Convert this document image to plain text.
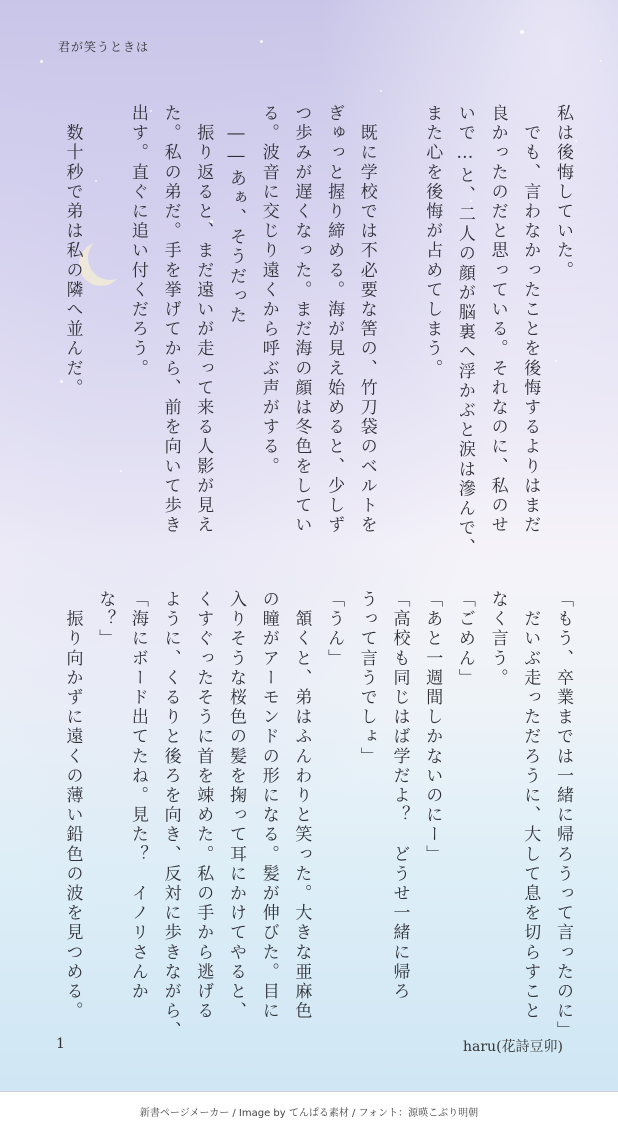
君が笑うときは
私は後悔していた。
　でも、言わなかったことを後悔するよりはまだ
良かったのだと思っている。それなのに、私のせ
いで…と、二人の顔が脳裏へ浮かぶと涙は滲んで、
また心を後悔が占めてしまう。
　既に学校では不必要な筈の、竹刀袋のベルトを
ぎゅっと握り締める。海が見え始めると、少しず
つ歩みが遅くなった。まだ海の顔は冬色をしてい
る。波音に交じり遠くから呼ぶ声がする。
　――あぁ、そうだった
　振り返ると、まだ遠いが走って来る人影が見え
た。私の弟だ。手を挙げてから、前を向いて歩き
出す。直ぐに追い付くだろう。
　数十秒で弟は私の隣へ並んだ。
「もう、卒業までは一緒に帰ろうって言ったのに」
　だいぶ走っただろうに、大して息を切らすこと
なく言う。
「ごめん」
「あと一週間しかないのにー」
「高校も同じはば学だよ？　どうせ一緒に帰ろ
うって言うでしょ」
「うん」
　頷くと、弟はふんわりと笑った。大きな亜麻色
の瞳がアーモンドの形になる。髪が伸びた。目に
入りそうな桜色の髪を掬って耳にかけてやると、
くすぐったそうに首を竦めた。私の手から逃げる
ように、くるりと後ろを向き、反対に歩きながら、
「海にボード出てたね。見た？　イノリさんか
な？」
　振り向かずに遠くの薄い鉛色の波を見つめる。
1	haru(花詩豆卯)
新書ページメーカー / Image by てんぱる素材 / フォント：源暎こぶり明朝
